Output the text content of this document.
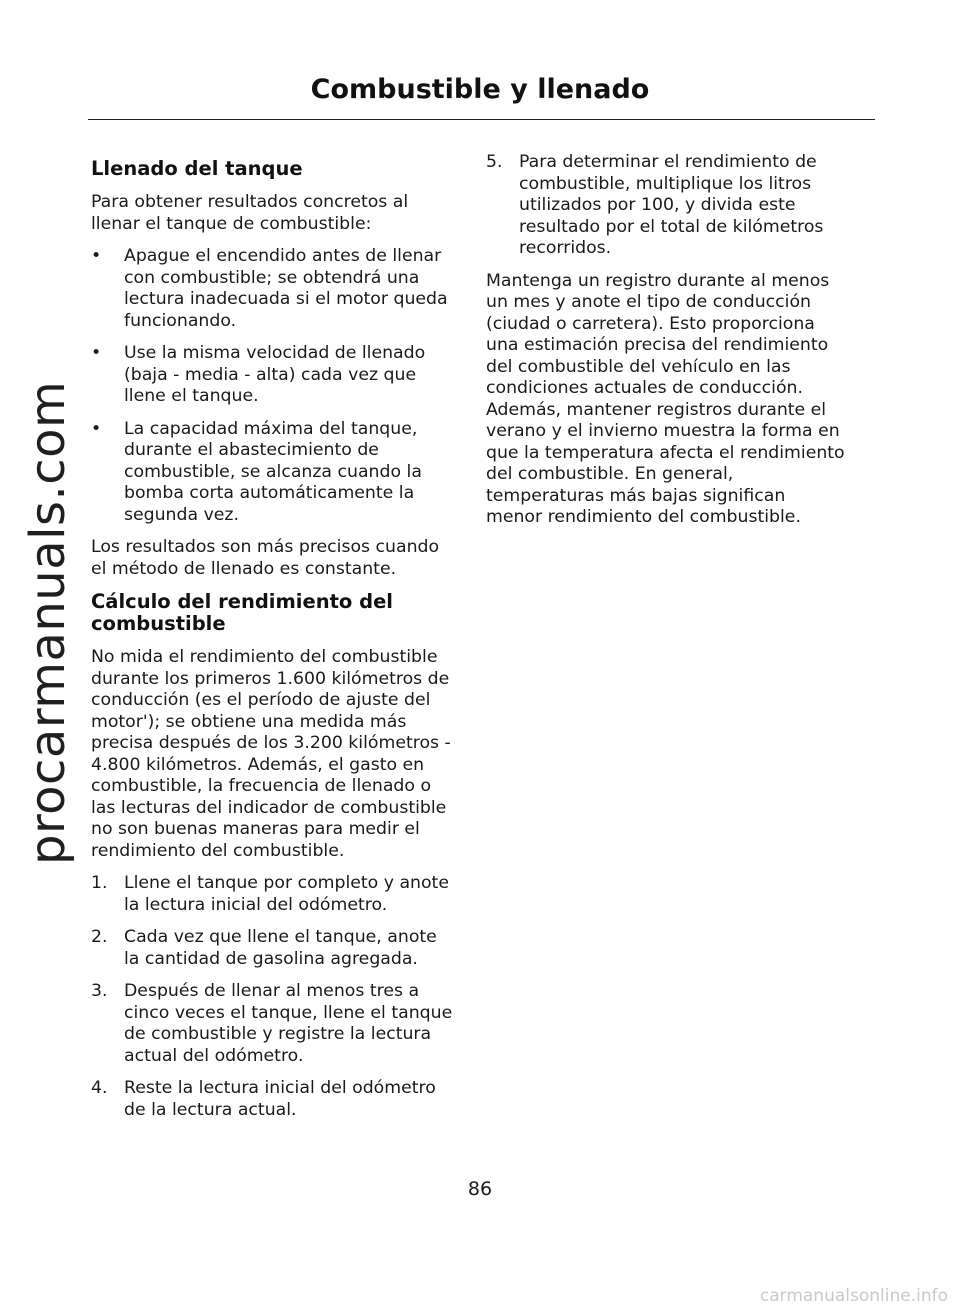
procarmanuals.com
Combustible y llenado
Llenado del tanque

Para obtener resultados concretos al llenar el tanque de combustible:

• Apague el encendido antes de llenar con combustible; se obtendrá una lectura inadecuada si el motor queda funcionando.
• Use la misma velocidad de llenado (baja - media - alta) cada vez que llene el tanque.
• La capacidad máxima del tanque, durante el abastecimiento de combustible, se alcanza cuando la bomba corta automáticamente la segunda vez.

Los resultados son más precisos cuando el método de llenado es constante.

Cálculo del rendimiento del combustible

No mida el rendimiento del combustible durante los primeros 1.600 kilómetros de conducción (es el período de ajuste del motor'); se obtiene una medida más precisa después de los 3.200 kilómetros - 4.800 kilómetros. Además, el gasto en combustible, la frecuencia de llenado o las lecturas del indicador de combustible no son buenas maneras para medir el rendimiento del combustible.

1. Llene el tanque por completo y anote la lectura inicial del odómetro.
2. Cada vez que llene el tanque, anote la cantidad de gasolina agregada.
3. Después de llenar al menos tres a cinco veces el tanque, llene el tanque de combustible y registre la lectura actual del odómetro.
4. Reste la lectura inicial del odómetro de la lectura actual.
5. Para determinar el rendimiento de combustible, multiplique los litros utilizados por 100, y divida este resultado por el total de kilómetros recorridos.

Mantenga un registro durante al menos un mes y anote el tipo de conducción (ciudad o carretera). Esto proporciona una estimación precisa del rendimiento del combustible del vehículo en las condiciones actuales de conducción. Además, mantener registros durante el verano y el invierno muestra la forma en que la temperatura afecta el rendimiento del combustible. En general, temperaturas más bajas significan menor rendimiento del combustible.

86
carmanualsonline.info
